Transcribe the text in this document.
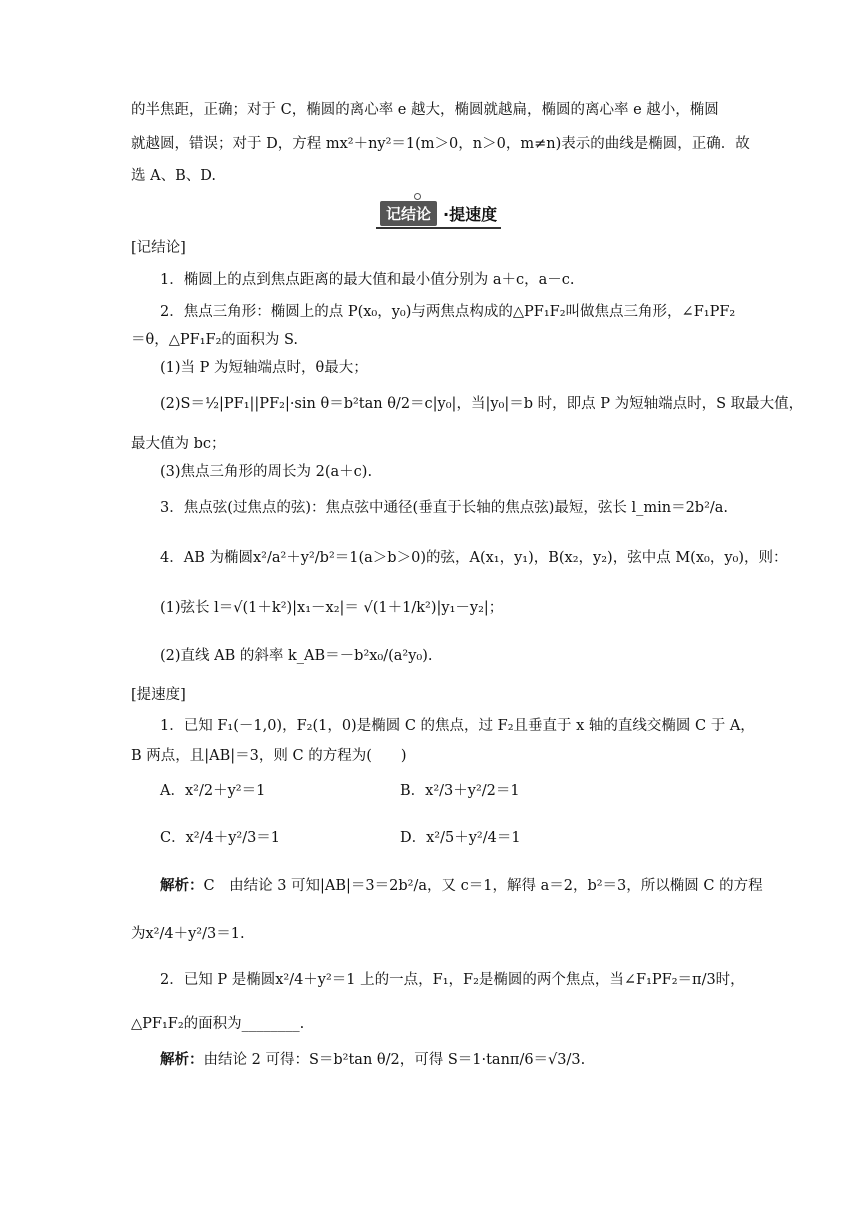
的半焦距，正确；对于 C，椭圆的离心率 e 越大，椭圆就越扁，椭圆的离心率 e 越小，椭圆
就越圆，错误；对于 D，方程 mx²＋ny²＝1(m＞0，n＞0，m≠n)表示的曲线是椭圆，正确．故
选 A、B、D.
记结论 ·提速度
[记结论]
1．椭圆上的点到焦点距离的最大值和最小值分别为 a＋c，a－c.
2．焦点三角形：椭圆上的点 P(x₀，y₀)与两焦点构成的△PF₁F₂叫做焦点三角形，∠F₁PF₂
＝θ，△PF₁F₂的面积为 S.
(1)当 P 为短轴端点时，θ最大；
(2)S＝½|PF₁||PF₂|·sin θ＝b²tan θ/2＝c|y₀|，当|y₀|＝b 时，即点 P 为短轴端点时，S 取最大值，
最大值为 bc；
(3)焦点三角形的周长为 2(a＋c).
3．焦点弦(过焦点的弦)：焦点弦中通径(垂直于长轴的焦点弦)最短，弦长 l_min＝2b²/a.
4．AB 为椭圆x²/a²＋y²/b²＝1(a＞b＞0)的弦，A(x₁，y₁)，B(x₂，y₂)，弦中点 M(x₀，y₀)，则：
(1)弦长 l＝√(1＋k²)|x₁－x₂|＝ √(1＋1/k²)|y₁－y₂|；
(2)直线 AB 的斜率 k_AB＝－b²x₀/(a²y₀).
[提速度]
1．已知 F₁(－1,0)，F₂(1，0)是椭圆 C 的焦点，过 F₂且垂直于 x 轴的直线交椭圆 C 于 A，
B 两点，且|AB|＝3，则 C 的方程为(　　)
A．x²/2＋y²＝1	B．x²/3＋y²/2＝1
C．x²/4＋y²/3＝1	D．x²/5＋y²/4＝1
解析：C　由结论 3 可知|AB|＝3＝2b²/a，又 c＝1，解得 a＝2，b²＝3，所以椭圆 C 的方程
为x²/4＋y²/3＝1.
2．已知 P 是椭圆x²/4＋y²＝1 上的一点，F₁，F₂是椭圆的两个焦点，当∠F₁PF₂＝π/3时，
△PF₁F₂的面积为________.
解析：由结论 2 可得：S＝b²tan θ/2，可得 S＝1·tanπ/6＝√3/3.
